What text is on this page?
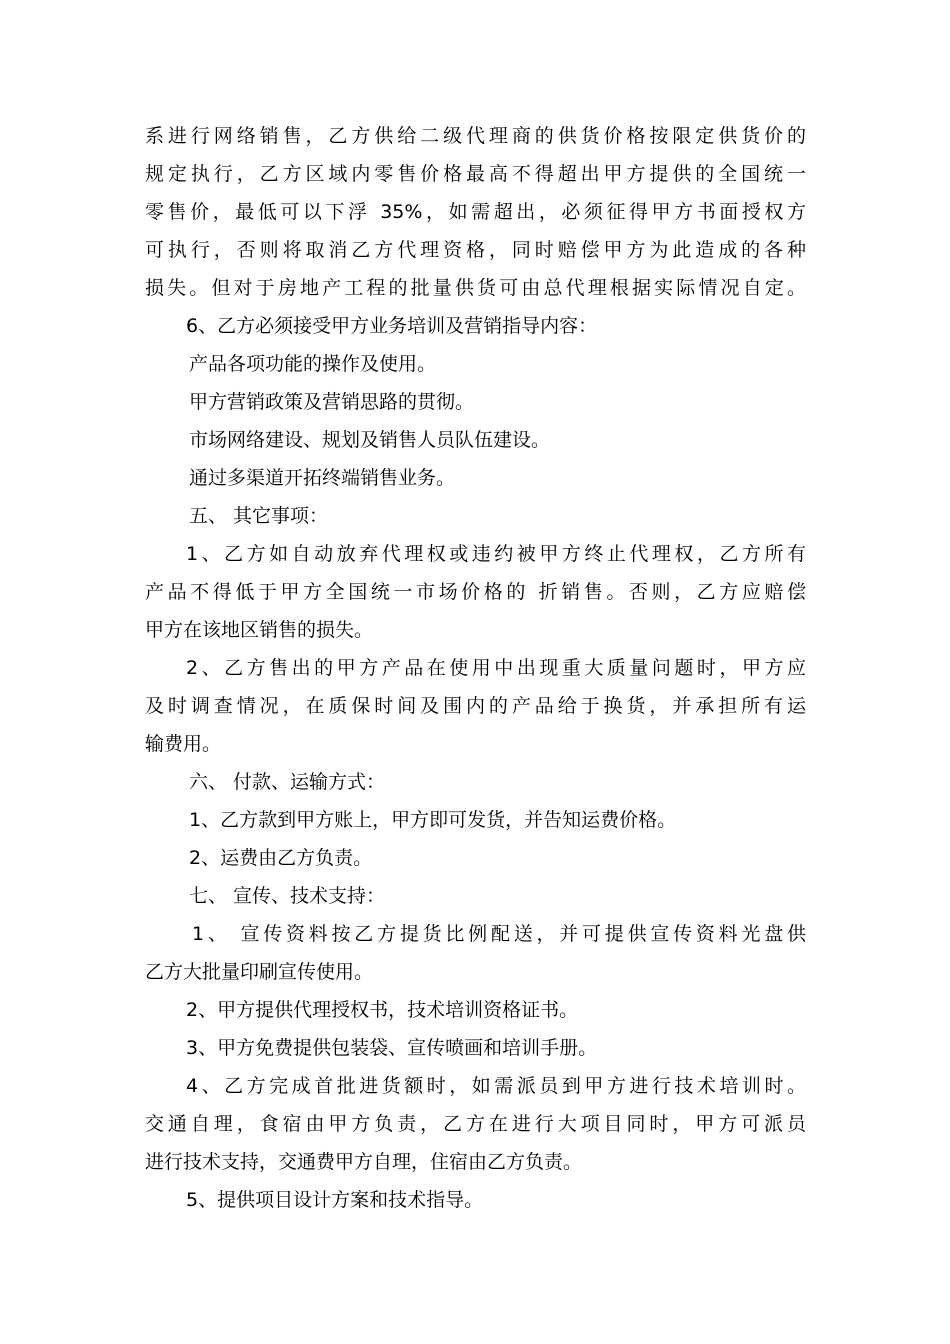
系进行网络销售，乙方供给二级代理商的供货价格按限定供货价的
规定执行，乙方区域内零售价格最高不得超出甲方提供的全国统一
零售价，最低可以下浮 35%，如需超出，必须征得甲方书面授权方
可执行，否则将取消乙方代理资格，同时赔偿甲方为此造成的各种
损失。但对于房地产工程的批量供货可由总代理根据实际情况自定。
6、乙方必须接受甲方业务培训及营销指导内容：
产品各项功能的操作及使用。
甲方营销政策及营销思路的贯彻。
市场网络建设、规划及销售人员队伍建设。
通过多渠道开拓终端销售业务。
五、 其它事项：
1、乙方如自动放弃代理权或违约被甲方终止代理权，乙方所有
产品不得低于甲方全国统一市场价格的 折销售。否则，乙方应赔偿
甲方在该地区销售的损失。
2、乙方售出的甲方产品在使用中出现重大质量问题时，甲方应
及时调查情况，在质保时间及围内的产品给于换货，并承担所有运
输费用。
六、 付款、运输方式：
1、乙方款到甲方账上，甲方即可发货，并告知运费价格。
2、运费由乙方负责。
七、 宣传、技术支持：
1、 宣传资料按乙方提货比例配送，并可提供宣传资料光盘供
乙方大批量印刷宣传使用。
2、甲方提供代理授权书，技术培训资格证书。
3、甲方免费提供包装袋、宣传喷画和培训手册。
4、乙方完成首批进货额时，如需派员到甲方进行技术培训时。
交通自理，食宿由甲方负责，乙方在进行大项目同时，甲方可派员
进行技术支持，交通费甲方自理，住宿由乙方负责。
5、提供项目设计方案和技术指导。
